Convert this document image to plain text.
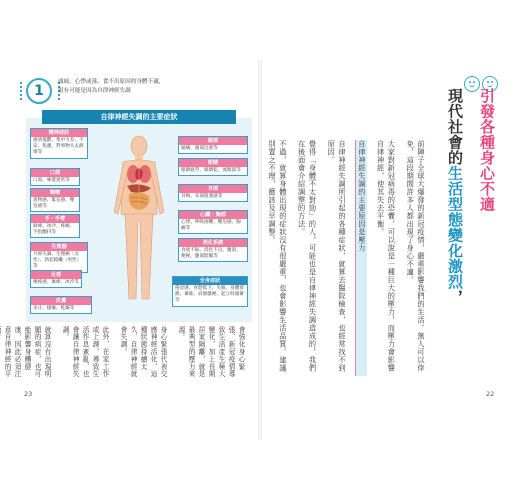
1
頭痛、心悸或落、食不出原因的身體不適，
很有可能是因為自律神經失調
自律神經失調的主要症狀
精神症狀
感到憂鬱、集中力差、不安、焦慮、對事物失去熱情等
口部
口渴、味覺異常等
咽喉
異物感、緊迫感、壓迫感等
手・手臂
麻痺、冰冷、疼痛、手指顫抖等
生殖器
月經失調、生理痛（女性）、勃起障礙（男性）等
足部
痠疼感、麻痺、冰冷等
皮膚
多汗、搔癢、乾燥等
頭部
頭痛、頭部沉重等
眼睛
眼睛疲勞、眼睛乾、流眼淚等
耳部
耳鳴、耳部阻塞感等
心臟・胸部
心悸、呼吸困難、壓迫感、胸痛等
消化系統
食欲不振、消化不良、腹瀉、便秘、腹部悶脹等
全身症狀
倦怠感、食慾低下、失眠、身體發熱、暈眩、肩膀僵硬、起立時頭暈等

會強化身心緊張、新冠疫情導致生活產生極大變化，加上長期居家隔離，就是最典型的壓力來源。

身心緊張代表交感神經活化，這種狀態持續太久，自律神經就會失調。

此外，在家工作或上課，導致生活作息紊亂，也會讓自律神經失調。

就算沒有出現明顯的病症，也可能影響身體健康，因此必須注意自律神經的平

23
現代社會的生活型態變化激烈，
引發各種身心不適

前陣子全球大爆發的新冠疫情，嚴重影響我們的生活。無人可以倖免，這段期間許多人都出現了身心不適。

大家對新冠病毒的恐懼，可以說是一種巨大的壓力，而壓力會影響自律神經，使其失去平衡。

自律神經失調的主要原因是壓力

自律神經失調所引起的各種症狀，就算去醫院檢查，也經常找不到原因。

覺得「身體不太對勁」的人，可能也是自律神經失調造成的，我們在後面會介紹調整的方法。

不過，就算身體出現的症狀沒有很嚴重，也會影響生活品質。建議別置之不理，應該及早調整。

22
